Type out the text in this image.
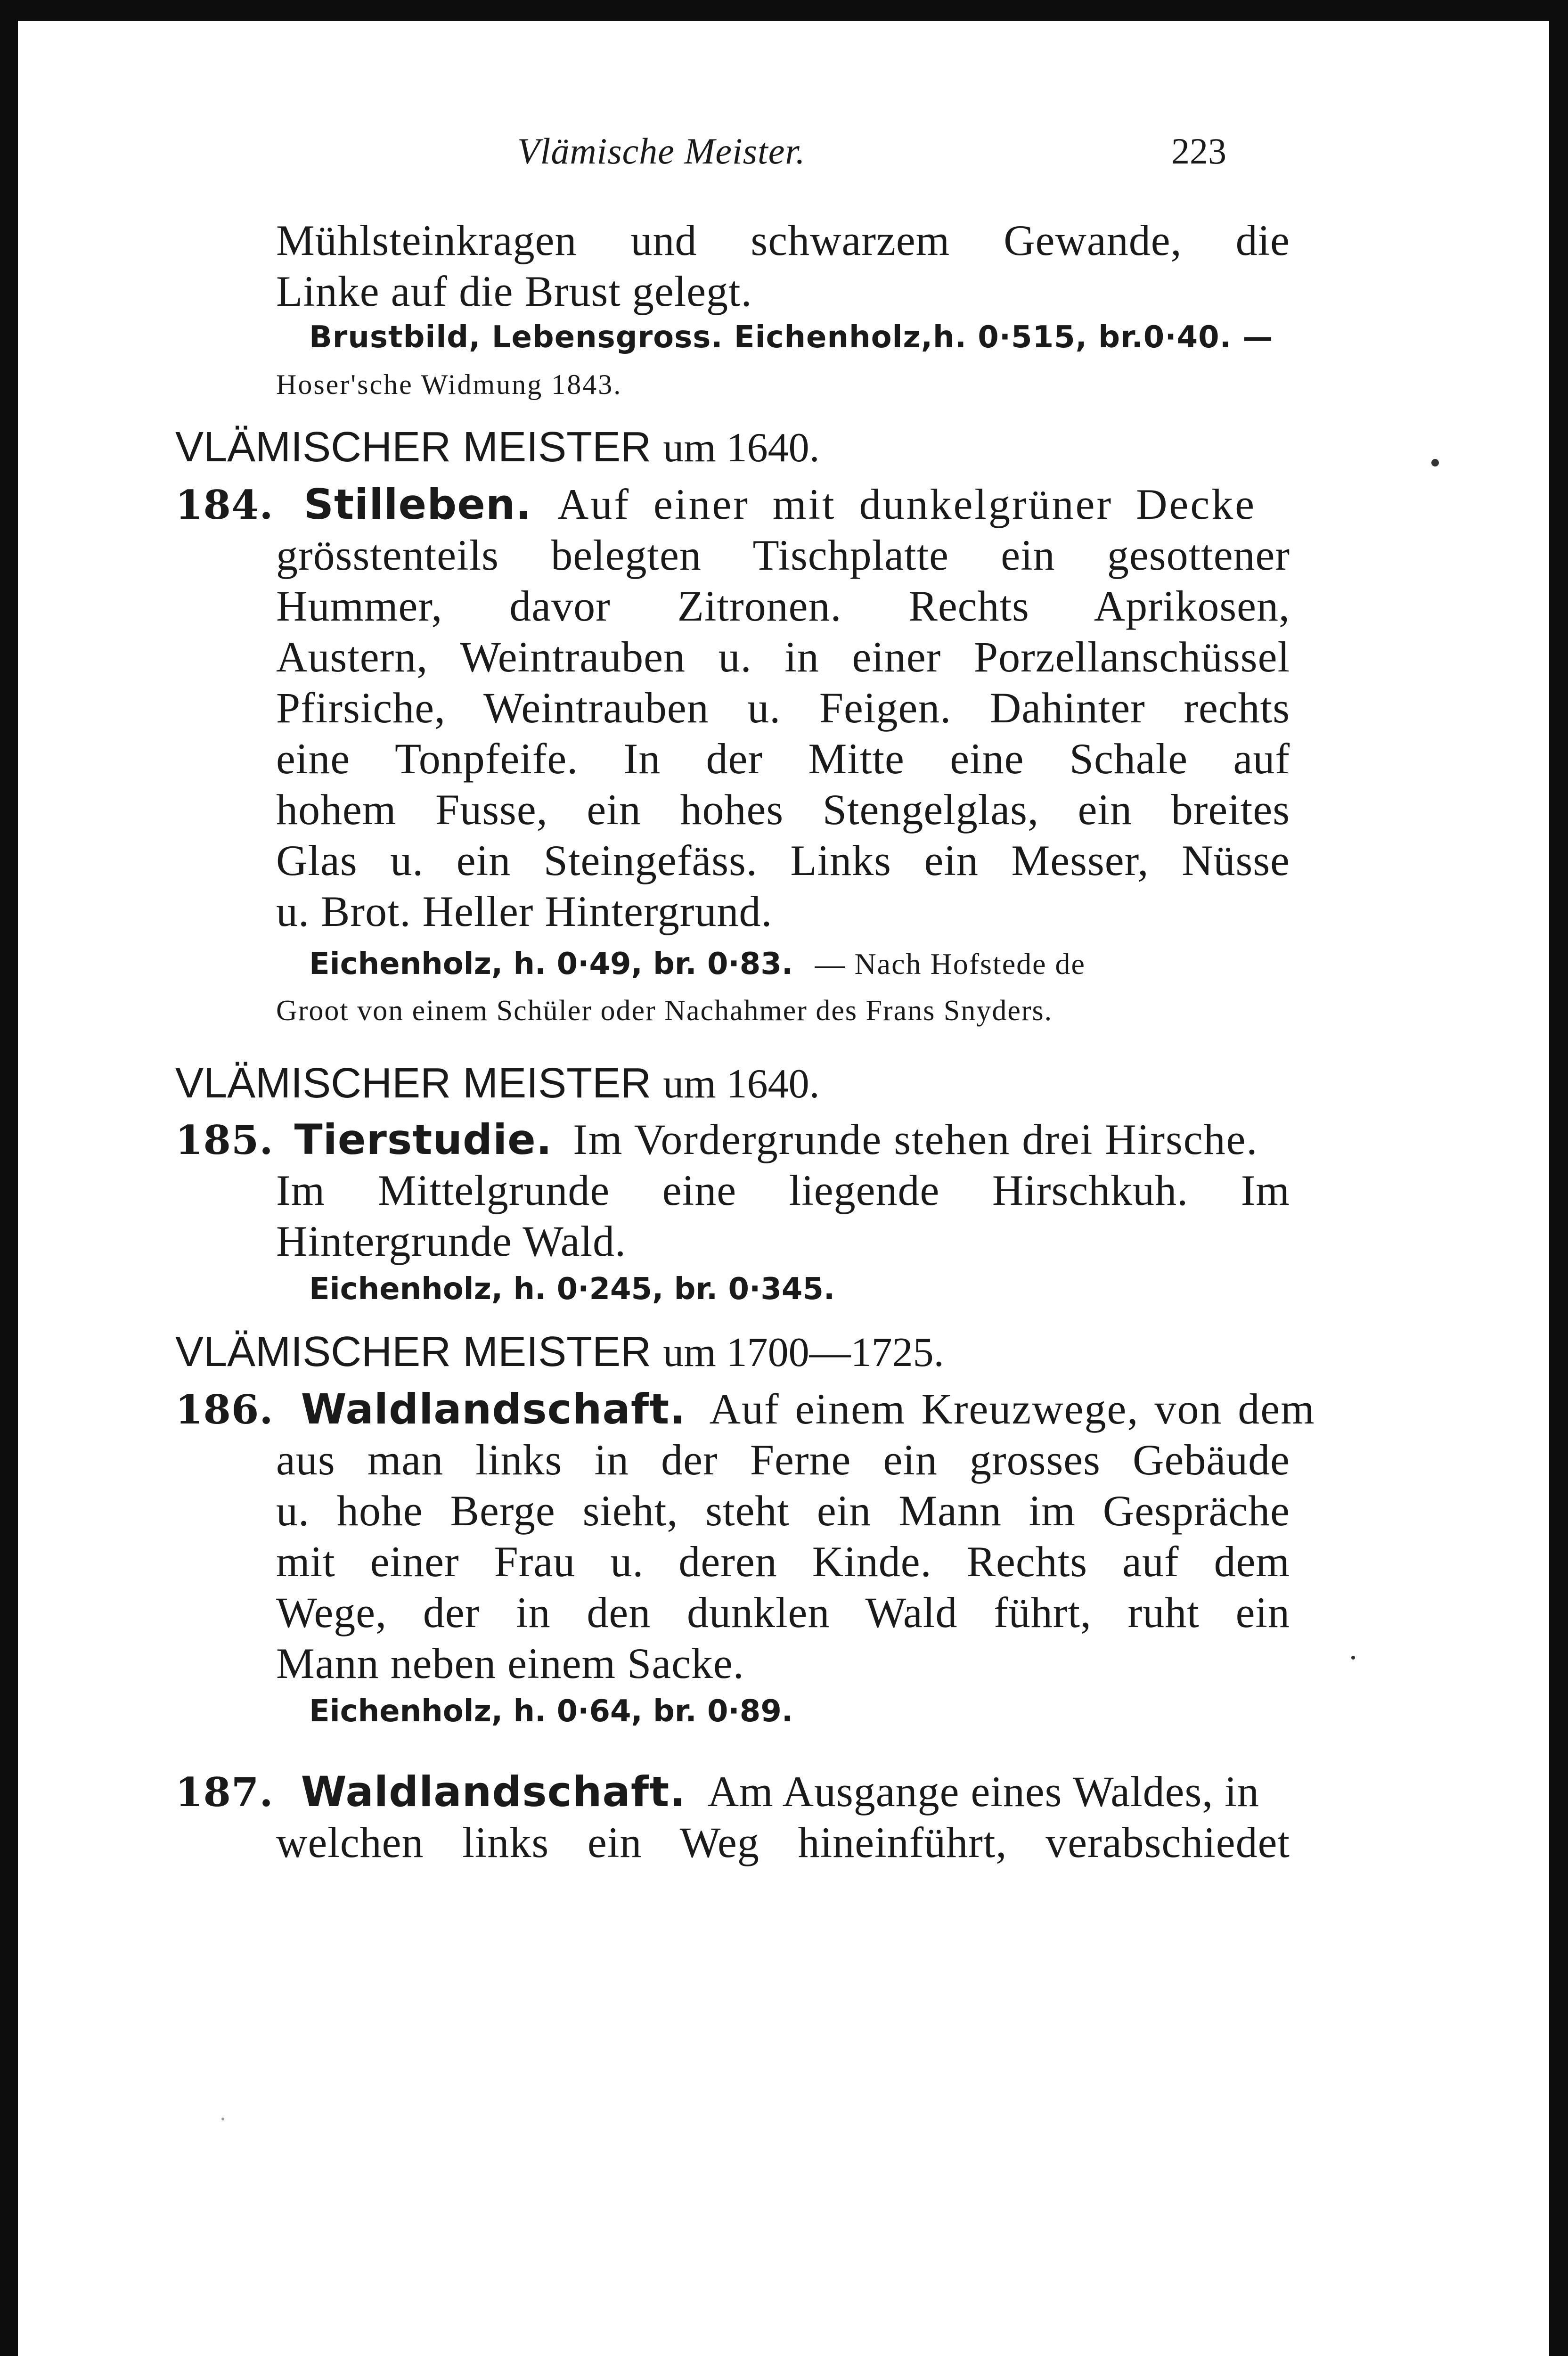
Vlämische Meister.	223
Mühlsteinkragen und schwarzem Gewande, die
Linke auf die Brust gelegt.
Brustbild, Lebensgross. Eichenholz,h. 0·515, br.0·40. —
Hoser'sche Widmung 1843.
VLÄMISCHER MEISTER um 1640.
184. Stilleben. Auf einer mit dunkelgrüner Decke
grösstenteils belegten Tischplatte ein gesottener
Hummer, davor Zitronen. Rechts Aprikosen,
Austern, Weintrauben u. in einer Porzellanschüssel
Pfirsiche, Weintrauben u. Feigen. Dahinter rechts
eine Tonpfeife. In der Mitte eine Schale auf
hohem Fusse, ein hohes Stengelglas, ein breites
Glas u. ein Steingefäss. Links ein Messer, Nüsse
u. Brot. Heller Hintergrund.
Eichenholz, h. 0·49, br. 0·83. — Nach Hofstede de
Groot von einem Schüler oder Nachahmer des Frans Snyders.
VLÄMISCHER MEISTER um 1640.
185. Tierstudie. Im Vordergrunde stehen drei Hirsche.
Im Mittelgrunde eine liegende Hirschkuh. Im
Hintergrunde Wald.
Eichenholz, h. 0·245, br. 0·345.
VLÄMISCHER MEISTER um 1700—1725.
186. Waldlandschaft. Auf einem Kreuzwege, von dem
aus man links in der Ferne ein grosses Gebäude
u. hohe Berge sieht, steht ein Mann im Gespräche
mit einer Frau u. deren Kinde. Rechts auf dem
Wege, der in den dunklen Wald führt, ruht ein
Mann neben einem Sacke.
Eichenholz, h. 0·64, br. 0·89.
187. Waldlandschaft. Am Ausgange eines Waldes, in
welchen links ein Weg hineinführt, verabschiedet
